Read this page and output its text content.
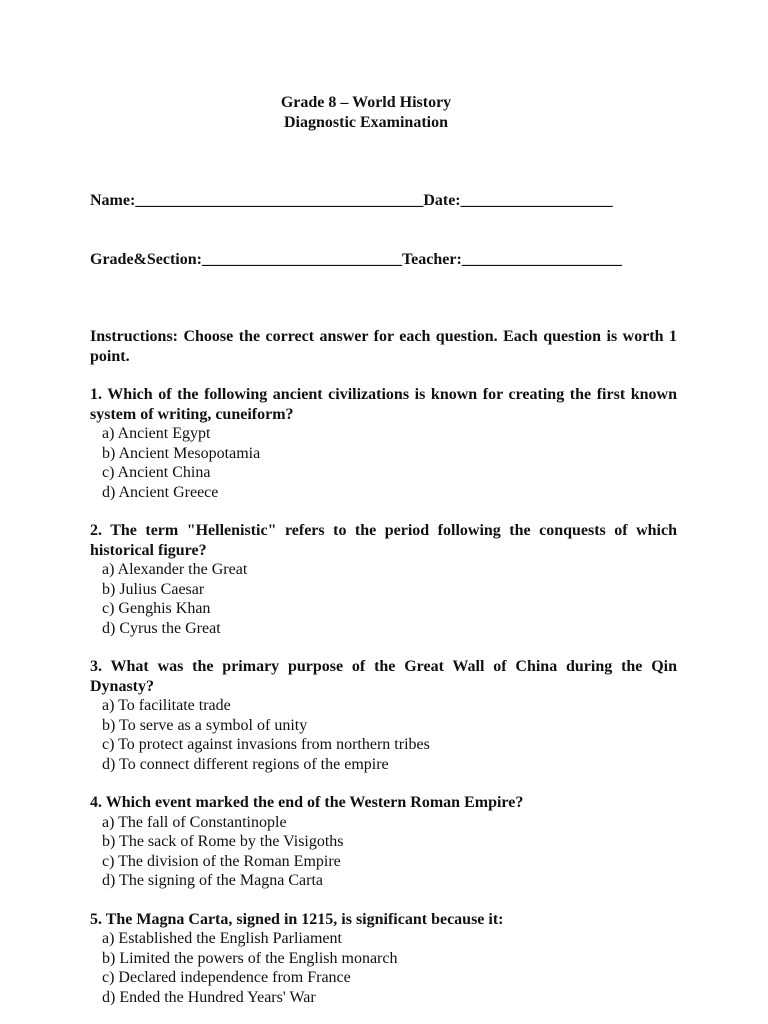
Grade 8 – World History
Diagnostic Examination

Name:____________________________________Date:___________________

Grade&Section:_________________________Teacher:____________________

Instructions: Choose the correct answer for each question. Each question is worth 1 point.
1. Which of the following ancient civilizations is known for creating the first known system of writing, cuneiform?
a) Ancient Egypt
b) Ancient Mesopotamia
c) Ancient China
d) Ancient Greece
2. The term "Hellenistic" refers to the period following the conquests of which historical figure?
a) Alexander the Great
b) Julius Caesar
c) Genghis Khan
d) Cyrus the Great
3. What was the primary purpose of the Great Wall of China during the Qin Dynasty?
a) To facilitate trade
b) To serve as a symbol of unity
c) To protect against invasions from northern tribes
d) To connect different regions of the empire
4. Which event marked the end of the Western Roman Empire?
a) The fall of Constantinople
b) The sack of Rome by the Visigoths
c) The division of the Roman Empire
d) The signing of the Magna Carta
5. The Magna Carta, signed in 1215, is significant because it:
a) Established the English Parliament
b) Limited the powers of the English monarch
c) Declared independence from France
d) Ended the Hundred Years' War
